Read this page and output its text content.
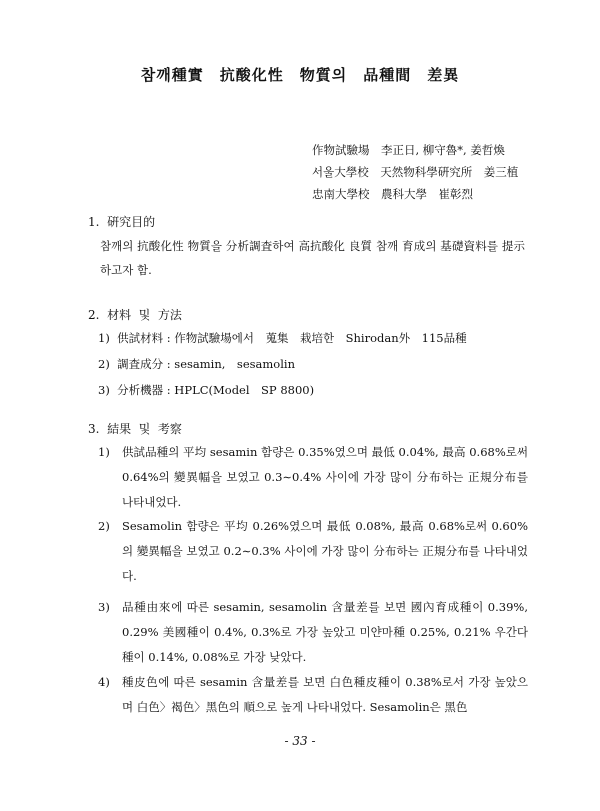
참깨種實　抗酸化性　物質의　品種間　差異
作物試驗場　李正日, 柳守魯*, 姜哲煥
서울大學校　天然物科學硏究所　姜三植
忠南大學校　農科大學　崔彰烈
1.  硏究目的
참깨의 抗酸化性 物質을 分析調査하여 高抗酸化 良質 참깨 育成의 基礎資料를 提示하고자 함.
2.  材料  및  方法
1) 供試材料 : 作物試驗場에서　蒐集　栽培한　Shirodan外　115品種
2) 調査成分 : sesamin,　sesamolin
3) 分析機器 : HPLC(Model　SP 8800)
3.  結果  및  考察
1)	供試品種의 平均 sesamin 함량은 0.35%였으며 最低 0.04%, 最高 0.68%로써 0.64%의 變異幅을 보였고 0.3∼0.4% 사이에 가장 많이 分布하는 正規分布를 나타내었다.
2)	Sesamolin 함량은 平均 0.26%였으며 最低 0.08%, 最高 0.68%로써 0.60%의 變異幅을 보였고 0.2∼0.3% 사이에 가장 많이 分布하는 正規分布를 나타내었다.
3)	品種由來에 따른 sesamin, sesamolin 含量差를 보면 國內育成種이 0.39%, 0.29% 美國種이 0.4%, 0.3%로 가장 높았고 미얀마種 0.25%, 0.21% 우간다種이 0.14%, 0.08%로 가장 낮았다.
4)	種皮色에 따른 sesamin 含量差를 보면 白色種皮種이 0.38%로서 가장 높았으며 白色〉褐色〉黑色의 順으로 높게 나타내었다. Sesamolin은 黑色
- 33 -
